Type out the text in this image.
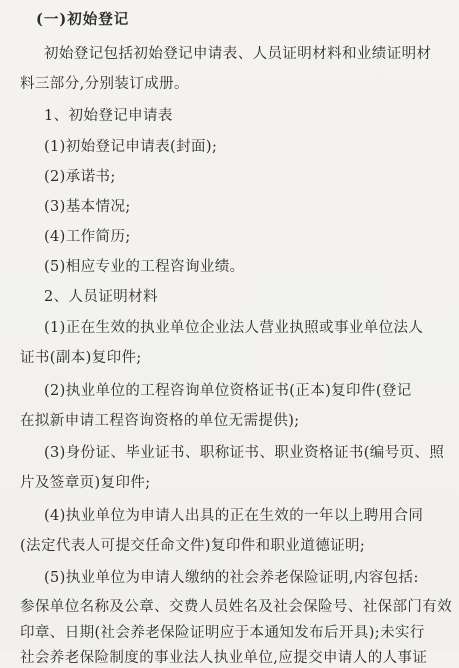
(一)初始登记
初始登记包括初始登记申请表、人员证明材料和业绩证明材
料三部分,分别装订成册。
1、初始登记申请表
(1)初始登记申请表(封面);
(2)承诺书;
(3)基本情况;
(4)工作简历;
(5)相应专业的工程咨询业绩。
2、人员证明材料
(1)正在生效的执业单位企业法人营业执照或事业单位法人
证书(副本)复印件;
(2)执业单位的工程咨询单位资格证书(正本)复印件(登记
在拟新申请工程咨询资格的单位无需提供);
(3)身份证、毕业证书、职称证书、职业资格证书(编号页、照
片及签章页)复印件;
(4)执业单位为申请人出具的正在生效的一年以上聘用合同
(法定代表人可提交任命文件)复印件和职业道德证明;
(5)执业单位为申请人缴纳的社会养老保险证明,内容包括:
参保单位名称及公章、交费人员姓名及社会保险号、社保部门有效
印章、日期(社会养老保险证明应于本通知发布后开具);未实行
社会养老保险制度的事业法人执业单位,应提交申请人的人事证
